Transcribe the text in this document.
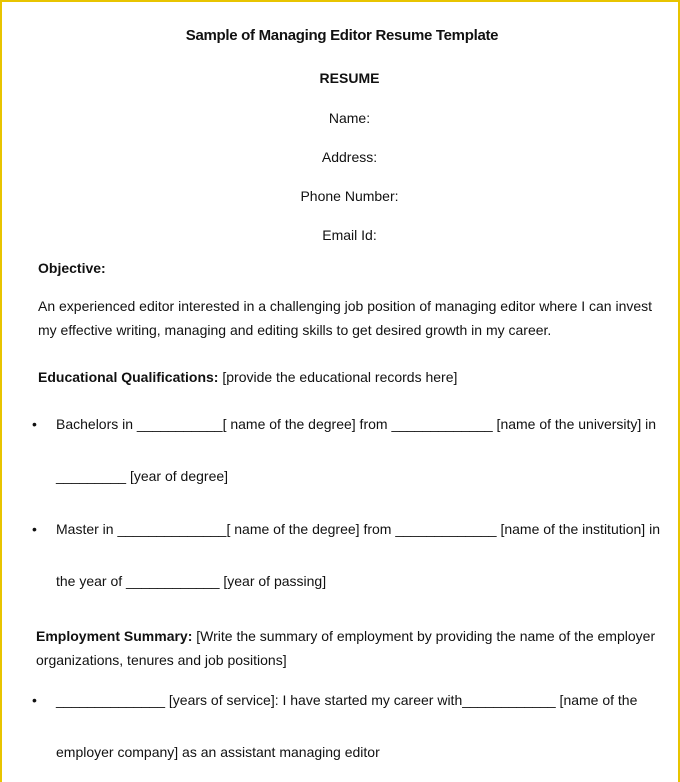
Sample of Managing Editor Resume Template
RESUME
Name:
Address:
Phone Number:
Email Id:
Objective:
An experienced editor interested in a challenging job position of managing editor where I can invest
my effective writing, managing and editing skills to get desired growth in my career.
Educational Qualifications: [provide the educational records here]
• Bachelors in ___________[ name of the degree] from _____________ [name of the university] in
_________ [year of degree]
• Master in ______________[ name of the degree] from _____________ [name of the institution] in
the year of ____________ [year of passing]
Employment Summary: [Write the summary of employment by providing the name of the employer
organizations, tenures and job positions]
• ______________ [years of service]: I have started my career with____________ [name of the
employer company] as an assistant managing editor
